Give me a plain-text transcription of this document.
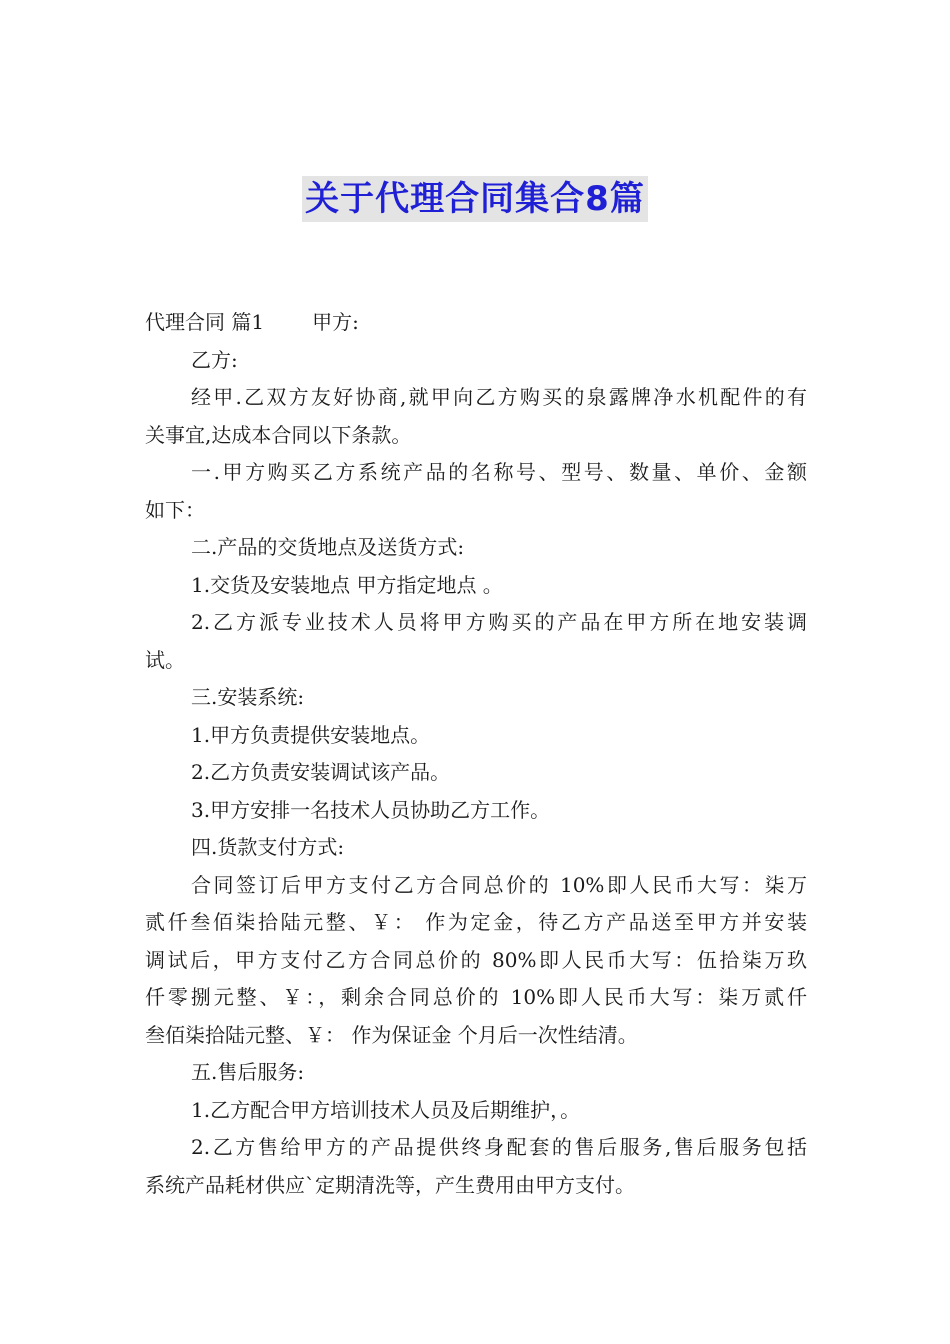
关于代理合同集合8篇
代理合同 篇1 甲方:
乙方:
经甲.乙双方友好协商,就甲向乙方购买的泉露牌净水机配件的有
关事宜,达成本合同以下条款。
一.甲方购买乙方系统产品的名称号、型号、数量、单价、金额
如下：
二.产品的交货地点及送货方式:
1.交货及安装地点 甲方指定地点 。
2.乙方派专业技术人员将甲方购买的产品在甲方所在地安装调
试。
三.安装系统:
1.甲方负责提供安装地点。
2.乙方负责安装调试该产品。
3.甲方安排一名技术人员协助乙方工作。
四.货款支付方式:
合同签订后甲方支付乙方合同总价的 10%即人民币大写：柒万
贰仟叁佰柒拾陆元整、￥： 作为定金，待乙方产品送至甲方并安装
调试后，甲方支付乙方合同总价的 80%即人民币大写：伍拾柒万玖
仟零捌元整、￥：，剩余合同总价的 10%即人民币大写：柒万贰仟
叁佰柒拾陆元整、￥： 作为保证金 个月后一次性结清。
五.售后服务:
1.乙方配合甲方培训技术人员及后期维护，。
2.乙方售给甲方的产品提供终身配套的售后服务,售后服务包括
系统产品耗材供应`定期清洗等，产生费用由甲方支付。
